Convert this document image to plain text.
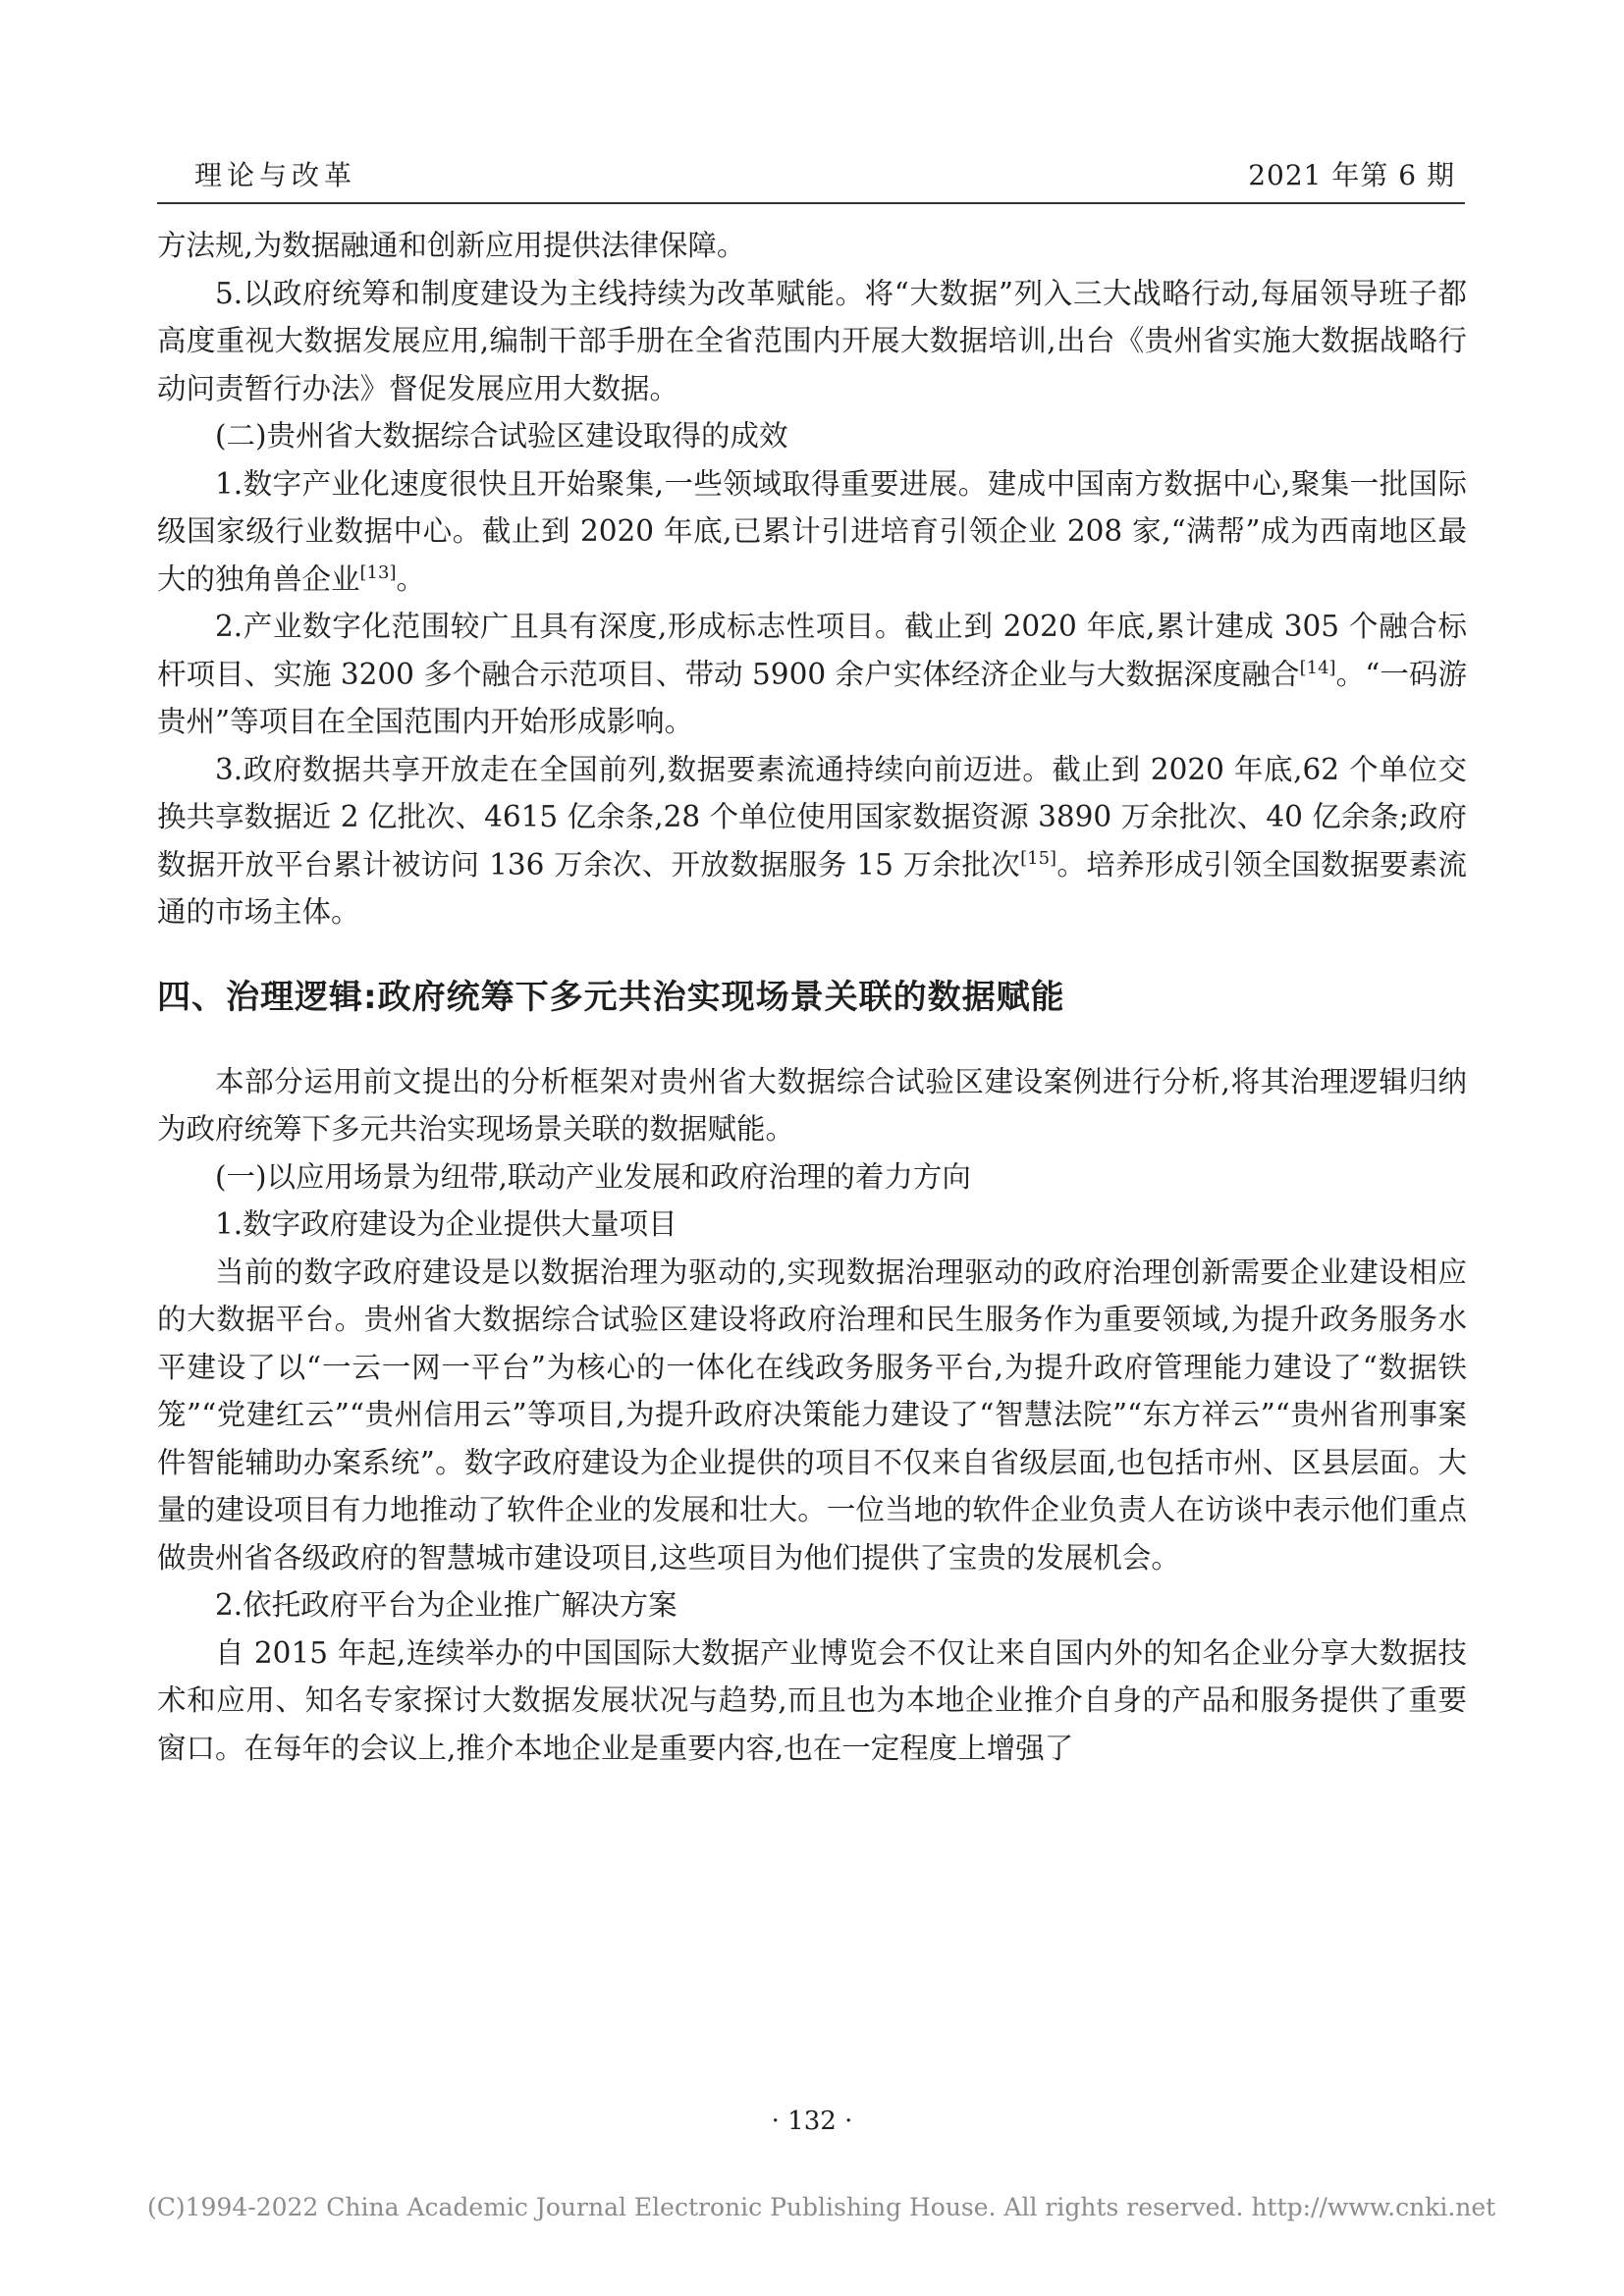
理论与改革	2021 年第 6 期

方法规,为数据融通和创新应用提供法律保障。

5.以政府统筹和制度建设为主线持续为改革赋能。将“大数据”列入三大战略行动,每届领导班子都高度重视大数据发展应用,编制干部手册在全省范围内开展大数据培训,出台《贵州省实施大数据战略行动问责暂行办法》督促发展应用大数据。

(二)贵州省大数据综合试验区建设取得的成效

1.数字产业化速度很快且开始聚集,一些领域取得重要进展。建成中国南方数据中心,聚集一批国际级国家级行业数据中心。截止到 2020 年底,已累计引进培育引领企业 208 家,“满帮”成为西南地区最大的独角兽企业[13]。

2.产业数字化范围较广且具有深度,形成标志性项目。截止到 2020 年底,累计建成 305 个融合标杆项目、实施 3200 多个融合示范项目、带动 5900 余户实体经济企业与大数据深度融合[14]。“一码游贵州”等项目在全国范围内开始形成影响。

3.政府数据共享开放走在全国前列,数据要素流通持续向前迈进。截止到 2020 年底,62 个单位交换共享数据近 2 亿批次、4615 亿余条,28 个单位使用国家数据资源 3890 万余批次、40 亿余条;政府数据开放平台累计被访问 136 万余次、开放数据服务 15 万余批次[15]。培养形成引领全国数据要素流通的市场主体。

四、治理逻辑:政府统筹下多元共治实现场景关联的数据赋能

本部分运用前文提出的分析框架对贵州省大数据综合试验区建设案例进行分析,将其治理逻辑归纳为政府统筹下多元共治实现场景关联的数据赋能。

(一)以应用场景为纽带,联动产业发展和政府治理的着力方向

1.数字政府建设为企业提供大量项目

当前的数字政府建设是以数据治理为驱动的,实现数据治理驱动的政府治理创新需要企业建设相应的大数据平台。贵州省大数据综合试验区建设将政府治理和民生服务作为重要领域,为提升政务服务水平建设了以“一云一网一平台”为核心的一体化在线政务服务平台,为提升政府管理能力建设了“数据铁笼”“党建红云”“贵州信用云”等项目,为提升政府决策能力建设了“智慧法院”“东方祥云”“贵州省刑事案件智能辅助办案系统”。数字政府建设为企业提供的项目不仅来自省级层面,也包括市州、区县层面。大量的建设项目有力地推动了软件企业的发展和壮大。一位当地的软件企业负责人在访谈中表示他们重点做贵州省各级政府的智慧城市建设项目,这些项目为他们提供了宝贵的发展机会。

2.依托政府平台为企业推广解决方案

自 2015 年起,连续举办的中国国际大数据产业博览会不仅让来自国内外的知名企业分享大数据技术和应用、知名专家探讨大数据发展状况与趋势,而且也为本地企业推介自身的产品和服务提供了重要窗口。在每年的会议上,推介本地企业是重要内容,也在一定程度上增强了

· 132 ·
(C)1994-2022 China Academic Journal Electronic Publishing House. All rights reserved. http://www.cnki.net
